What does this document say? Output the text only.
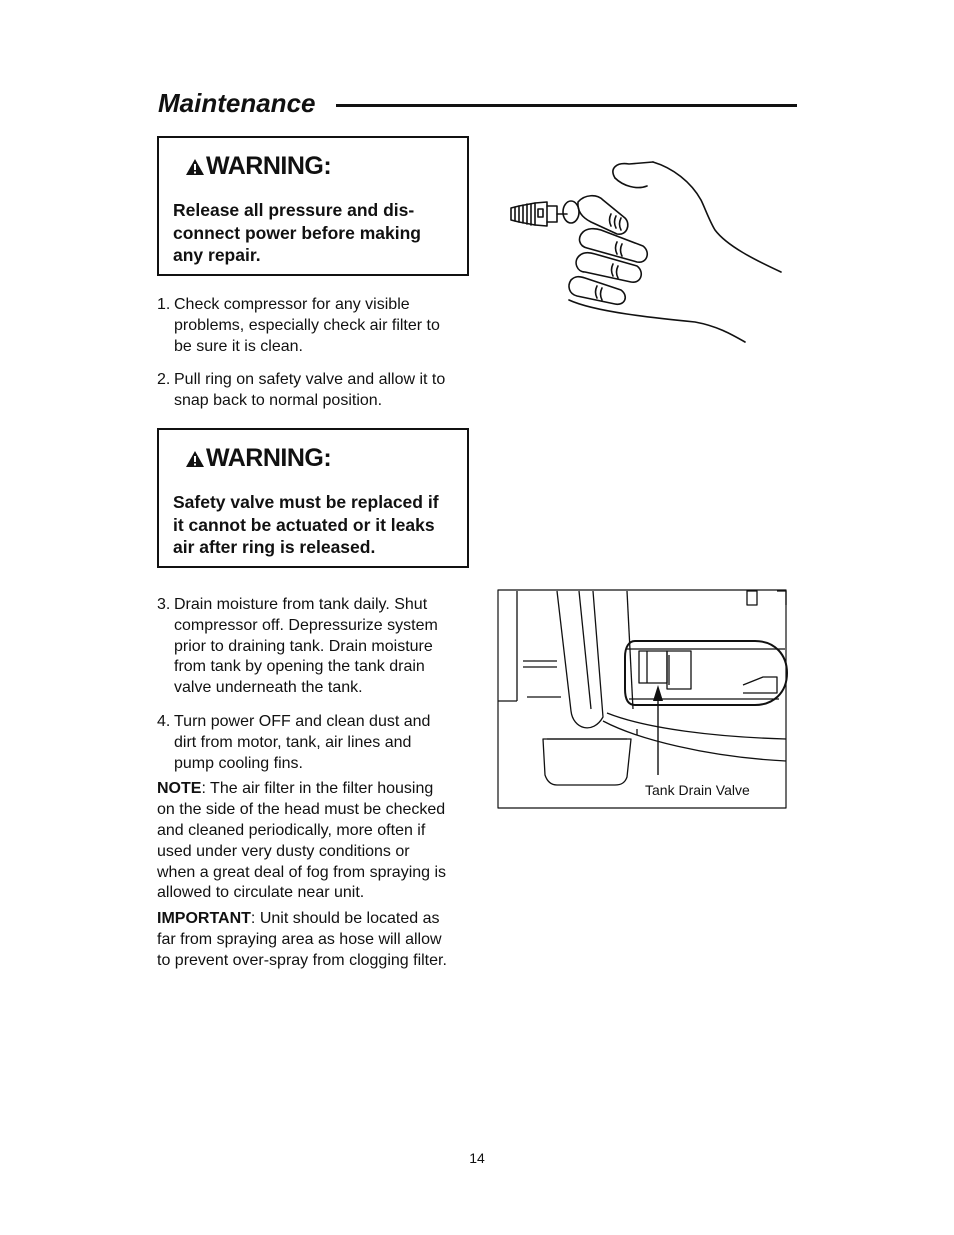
Maintenance
WARNING:

Release all pressure and dis-

connect power before making

any repair.

1. Check compressor for any visible

problems, especially check air filter to

be sure it is clean.

2. Pull ring on safety valve and allow it to

snap back to normal position.

WARNING:

Safety valve must be replaced if

it cannot be actuated or it leaks

air after ring is released.

3. Drain moisture from tank daily. Shut

compressor off. Depressurize system

prior to draining tank. Drain moisture

from tank by opening the tank drain

valve underneath the tank.

4. Turn power OFF and clean dust and

dirt from motor, tank, air lines and

pump cooling fins.

NOTE: The air filter in the filter housing

on the side of the head must be checked

and cleaned periodically, more often if

used under very dusty conditions or

when a great deal of fog from spraying is

allowed to circulate near unit.

IMPORTANT: Unit should be located as

far from spraying area as hose will allow

to prevent over-spray from clogging filter.

Tank Drain Valve
14
